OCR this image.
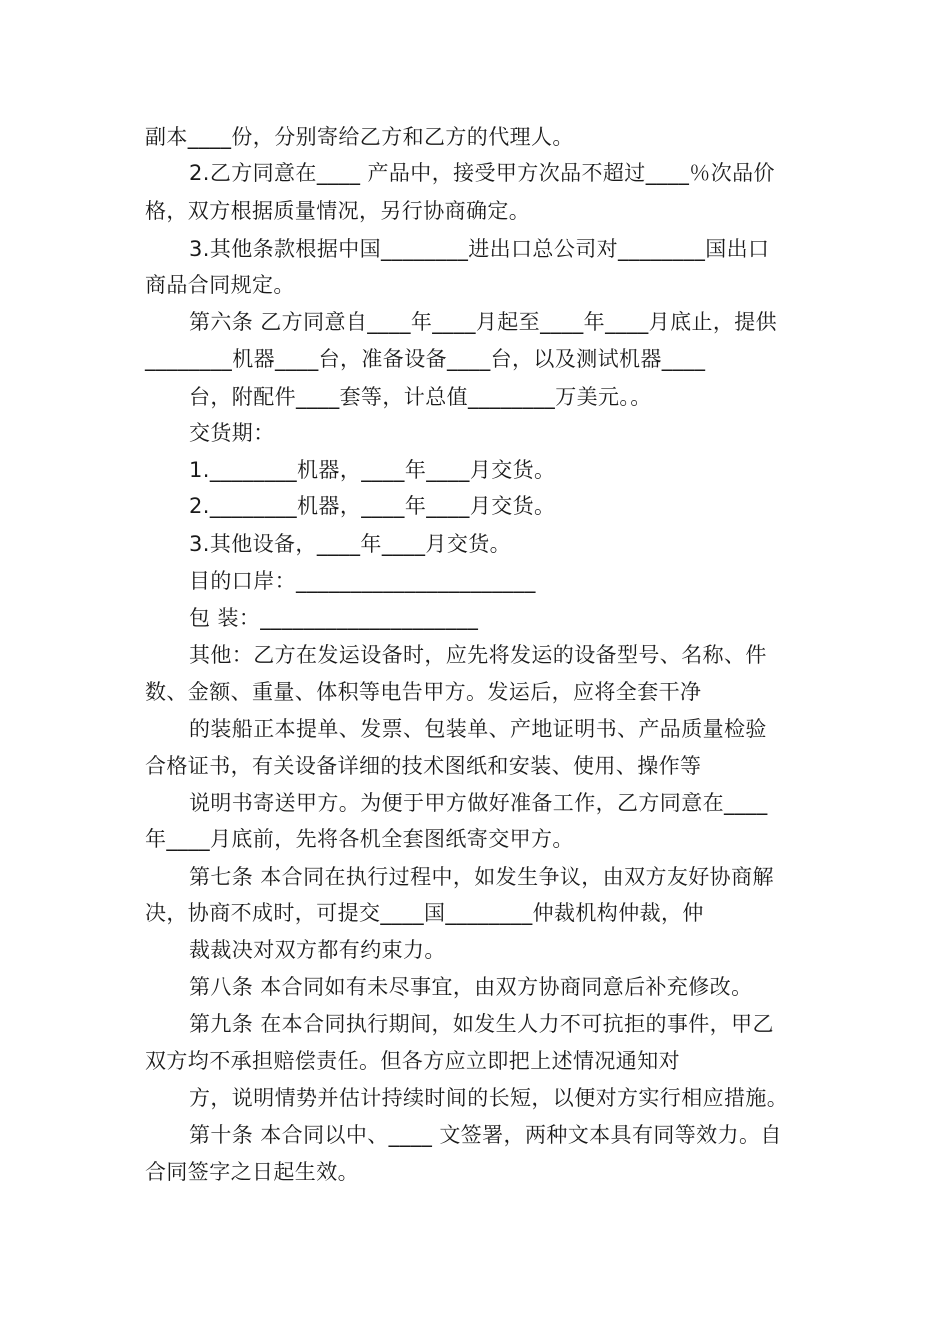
副本____份，分别寄给乙方和乙方的代理人。
2.乙方同意在____ 产品中，接受甲方次品不超过____％次品价
格，双方根据质量情况，另行协商确定。
3.其他条款根据中国________进出口总公司对________国出口
商品合同规定。
第六条 乙方同意自____年____月起至____年____月底止，提供
________机器____台，准备设备____台，以及测试机器____
台，附配件____套等，计总值________万美元。。
交货期：
1.________机器，____年____月交货。
2.________机器，____年____月交货。
3.其他设备，____年____月交货。
目的口岸：______________________
包 装：____________________
其他：乙方在发运设备时，应先将发运的设备型号、名称、件
数、金额、重量、体积等电告甲方。发运后，应将全套干净
的装船正本提单、发票、包装单、产地证明书、产品质量检验
合格证书，有关设备详细的技术图纸和安装、使用、操作等
说明书寄送甲方。为便于甲方做好准备工作，乙方同意在____
年____月底前，先将各机全套图纸寄交甲方。
第七条 本合同在执行过程中，如发生争议，由双方友好协商解
决，协商不成时，可提交____国________仲裁机构仲裁，仲
裁裁决对双方都有约束力。
第八条 本合同如有未尽事宜，由双方协商同意后补充修改。
第九条 在本合同执行期间，如发生人力不可抗拒的事件，甲乙
双方均不承担赔偿责任。但各方应立即把上述情况通知对
方，说明情势并估计持续时间的长短，以便对方实行相应措施。
第十条 本合同以中、____ 文签署，两种文本具有同等效力。自
合同签字之日起生效。
